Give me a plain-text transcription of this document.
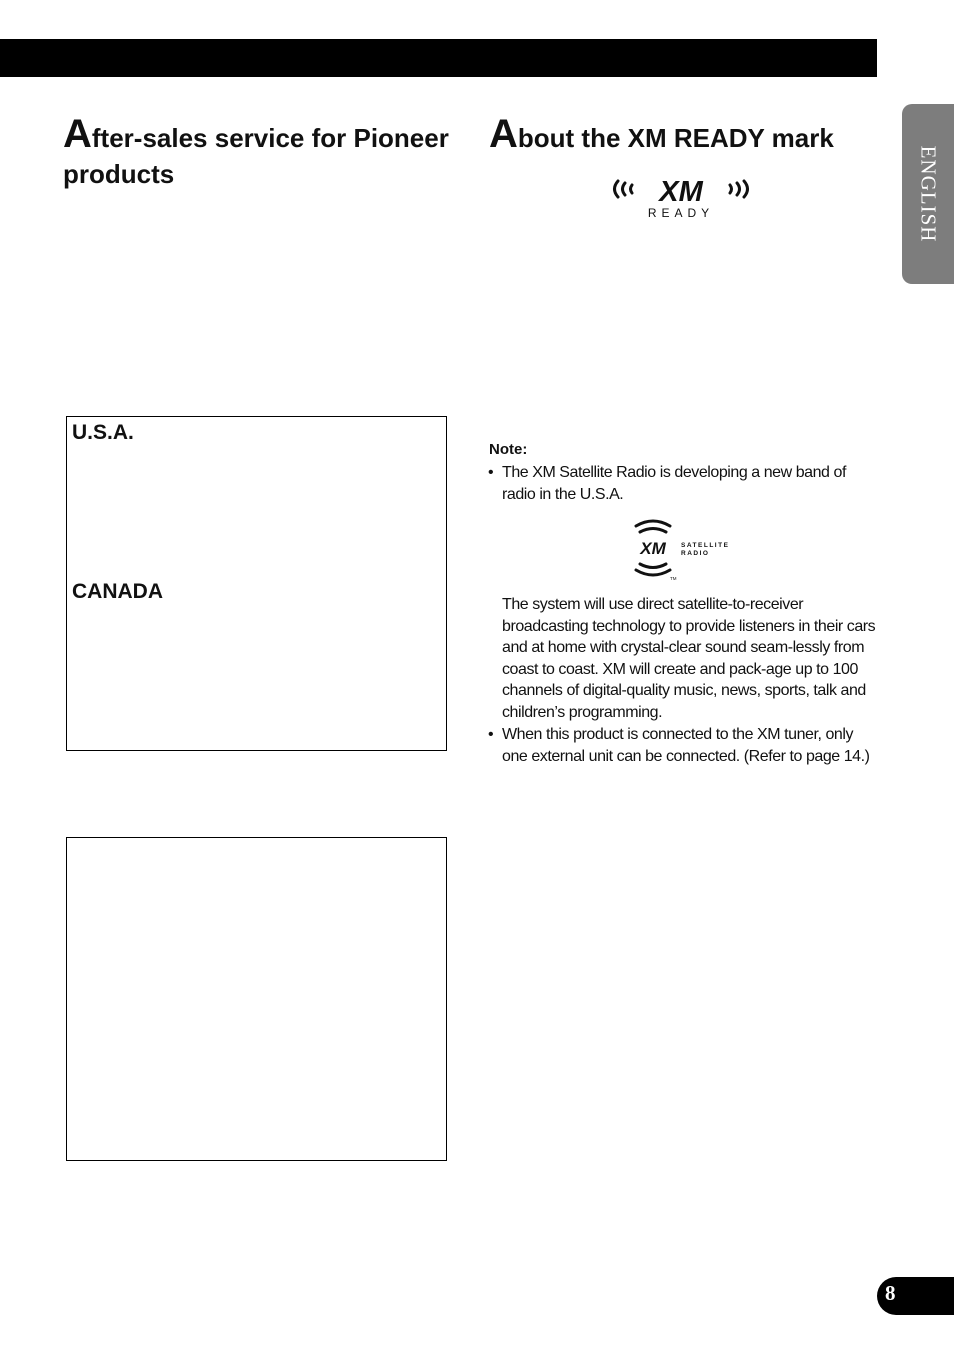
ENGLISH
After-sales service for Pioneer products

U.S.A.

CANADA

About the XM READY mark
XM
READY

Note:

• The XM Satellite Radio is developing a new band of radio in the U.S.A.

XM SATELLITE
RADIO
TM

The system will use direct satellite-to-receiver broadcasting technology to provide listeners in their cars and at home with crystal-clear sound seam-lessly from coast to coast. XM will create and pack-age up to 100 channels of digital-quality music, news, sports, talk and children’s programming.

• When this product is connected to the XM tuner, only one external unit can be connected. (Refer to page 14.)

8
